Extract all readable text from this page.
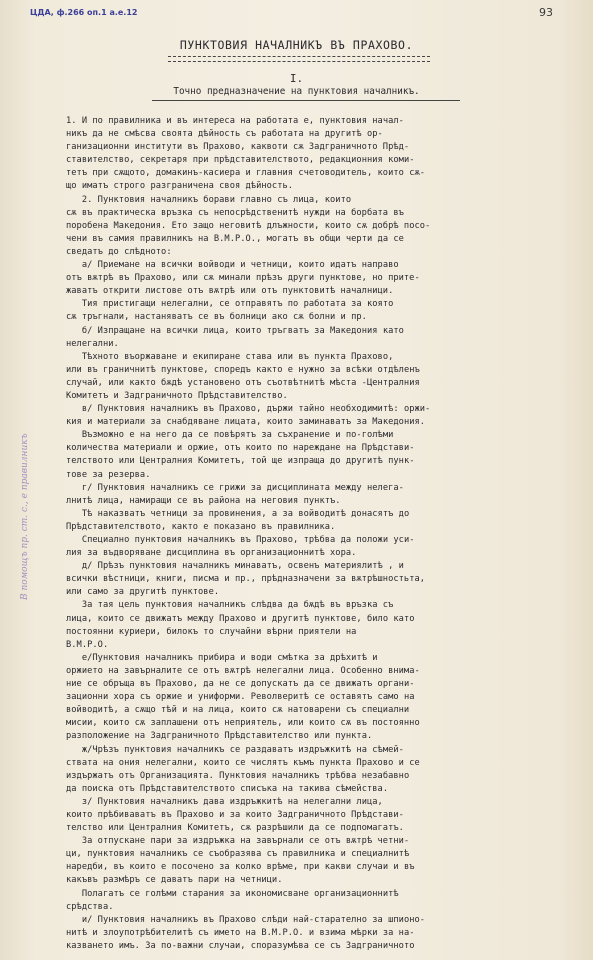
ЦДА, ф.266 оп.1 а.е.12	93
ПУНКТОВИЯ НАЧАЛНИКЪ ВЪ ПРАХОВО.
I.
Точно предназначение на пунктовия началникъ.
1. И по правилника и въ интереса на работата е, пунктовия начал-
никъ да не смѣсва своята дѣйность съ работата на другитѣ ор-
ганизационни институти въ Прахово, каквоти сѫ Задграничното Прѣд-
ставителство, секретаря при прѣдставителството, редакционния коми-
тетъ при сѫщото, домакинъ-касиера и главния счетоводитель, които сѫ-
що иматъ строго разграничена своя дѣйность.
2. Пунктовия началникъ борави главно съ лица, които
сѫ въ практическа връзка съ непосрѣдственитѣ нужди на борбата въ
поробена Македония. Ето защо неговитѣ длъжности, които сѫ добрѣ посо-
чени въ самия правилникъ на В.М.Р.О., могатъ въ общи черти да се
сведатъ до слѣдното:
а/ Приемане на всички войводи и четници, които идатъ направо
отъ вѫтрѣ въ Прахово, или сѫ минали прѣзъ други пунктове, но прите-
жаватъ открити листове отъ вѫтрѣ или отъ пунктовитѣ началници.
Тия пристигащи нелегални, се отправятъ по работата за която
сѫ тръгнали, настаняватъ се въ болници ако сѫ болни и пр.
б/ Изпращане на всички лица, които тръгватъ за Македония като
нелегални.
Тѣхното въоржаване и екипиране става или въ пункта Прахово,
или въ граничнитѣ пунктове, споредъ както е нужно за всѣки отдѣленъ
случай, или както бѫдѣ установено отъ съотвѣтнитѣ мѣста -Централния
Комитетъ и Задграничното Прѣдставителство.
в/ Пунктовия началникъ въ Прахово, държи тайно необходимитѣ: оржи-
кия и материали за снабдяване лицата, които заминаватъ за Македония.
Възможно е на него да се повѣрятъ за съхранение и по-голѣми
количества материали и оржие, отъ които по нареждане на Прѣдстави-
телството или Централния Комитетъ, той ще изпраща до другитѣ пунк-
тове за резерва.
г/ Пунктовия началникъ се грижи за дисциплината между нелега-
лнитѣ лица, намиращи се въ района на неговия пунктъ.
Тѣ наказватъ четници за провинения, а за войводитѣ донасятъ до
Прѣдставителството, както е показано въ правилника.
Специално пунктовия началникъ въ Прахово, трѣбва да положи уси-
лия за въдворяване дисциплина въ организационнитѣ хора.
д/ Прѣзъ пунктовия началникъ минаватъ, освенъ материялитѣ , и
всички вѣстници, книги, писма и пр., прѣдназначени за вѫтрѣшностьта,
или само за другитѣ пунктове.
За тая цель пунктовия началникъ слѣдва да бѫдѣ въ връзка съ
лица, които се движатъ между Прахово и другитѣ пунктове, било като
постоянни куриери, билокъ то случайни вѣрни приятели на
В.М.Р.О.
е/Пунктовия началникъ прибира и води смѣтка за дрѣхитѣ и
оржието на завърналите се отъ вѫтрѣ нелегални лица. Особенно внима-
ние се обръща въ Прахово, да не се допускатъ да се движатъ органи-
зационни хора съ оржие и униформи. Револверитѣ се оставятъ само на
войводитѣ, а сѫщо тѣй и на лица, които сѫ натоварени съ специални
мисии, които сѫ заплашени отъ неприятель, или които сѫ въ постоянно
разположение на Задграничното Прѣдставителство или пункта.
ж/Чрѣзъ пунктовия началникъ се раздаватъ издръжкитѣ на сѣмей-
ствата на ония нелегални, които се числятъ къмъ пункта Прахово и се
издържатъ отъ Организацията. Пунктовия началникъ трѣбва незабавно
да поиска отъ Прѣдставителството списъка на такива сѣмейства.
з/ Пунктовия началникъ дава издръжкитѣ на нелегални лица,
които прѣбиваватъ въ Прахово и за които Задграничното Прѣдстави-
телство или Централния Комитетъ, сѫ разрѣшили да се подпомагатъ.
За отпускане пари за издръжка на завърнали се отъ вѫтрѣ четни-
ци, пунктовия началникъ се съобразява съ правилника и специалнитѣ
наредби, въ които е посочено за колко врѣме, при какви случаи и въ
какъвъ размѣръ се даватъ пари на четници.
Полагатъ се голѣми старания за икономисване организационнитѣ
срѣдства.
и/ Пунктовия началникъ въ Прахово слѣди най-старателно за шпионо-
нитѣ и злоупотрѣбителитѣ съ името на В.М.Р.О. и взима мѣрки за на-
казването имъ. За по-важни случаи, споразумѣва се съ Задграничното
В помощъ пр. ст. с., е правилникъ
